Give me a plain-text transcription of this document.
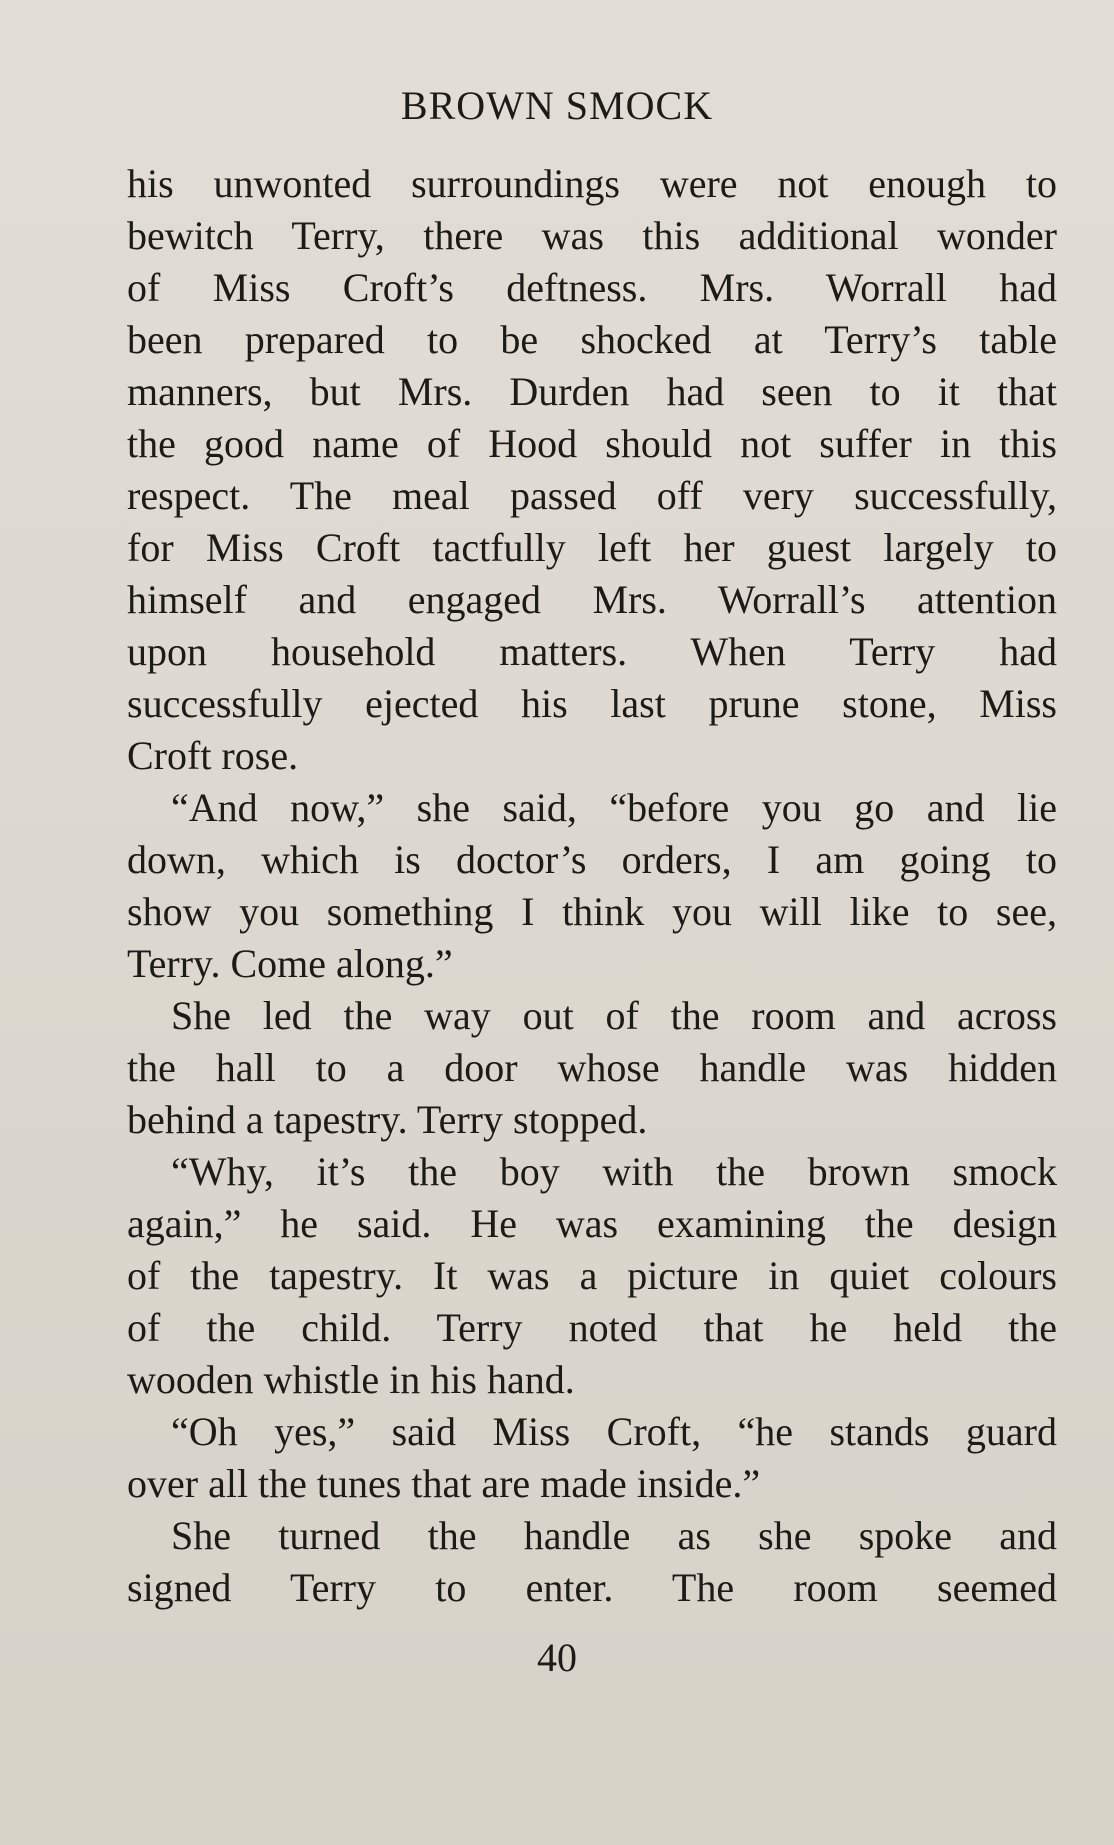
BROWN SMOCK
his unwonted surroundings were not enough to
bewitch Terry, there was this additional wonder
of Miss Croft’s deftness. Mrs. Worrall had
been prepared to be shocked at Terry’s table
manners, but Mrs. Durden had seen to it that
the good name of Hood should not suffer in this
respect. The meal passed off very successfully,
for Miss Croft tactfully left her guest largely to
himself and engaged Mrs. Worrall’s attention
upon household matters. When Terry had
successfully ejected his last prune stone, Miss
Croft rose.
“And now,” she said, “before you go and lie
down, which is doctor’s orders, I am going to
show you something I think you will like to see,
Terry. Come along.”
She led the way out of the room and across
the hall to a door whose handle was hidden
behind a tapestry. Terry stopped.
“Why, it’s the boy with the brown smock
again,” he said. He was examining the design
of the tapestry. It was a picture in quiet colours
of the child. Terry noted that he held the
wooden whistle in his hand.
“Oh yes,” said Miss Croft, “he stands guard
over all the tunes that are made inside.”
She turned the handle as she spoke and
signed Terry to enter. The room seemed
40
